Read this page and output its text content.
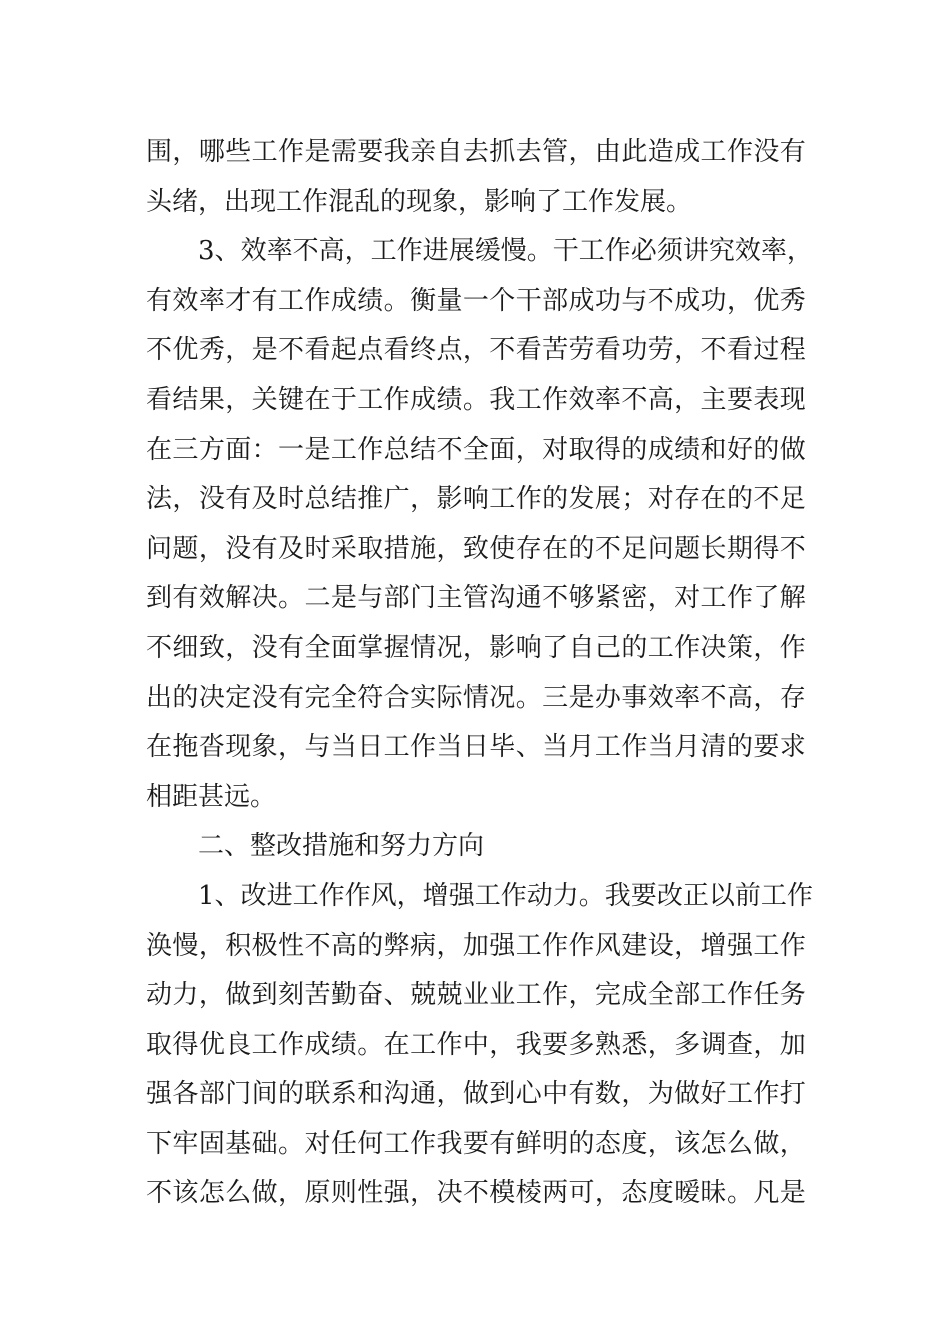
围 ， 哪 些 工 作 是 需 要 我 亲 自 去 抓 去 管 ， 由 此 造 成 工 作 没 有
头绪，出现工作混乱的现象，影响了工作发展。
3 、 效 率 不 高 ， 工 作 进 展 缓 慢 。 干 工 作 必 须 讲 究 效 率 ，
有 效 率 才 有 工 作 成 绩 。 衡 量 一 个 干 部 成 功 与 不 成 功 ， 优 秀
不 优 秀 ， 是 不 看 起 点 看 终 点 ， 不 看 苦 劳 看 功 劳 ， 不 看 过 程
看 结 果 ， 关 键 在 于 工 作 成 绩 。 我 工 作 效 率 不 高 ， 主 要 表 现
在 三 方 面 ： 一 是 工 作 总 结 不 全 面 ， 对 取 得 的 成 绩 和 好 的 做
法 ， 没 有 及 时 总 结 推 广 ， 影 响 工 作 的 发 展 ； 对 存 在 的 不 足
问 题 ， 没 有 及 时 采 取 措 施 ， 致 使 存 在 的 不 足 问 题 长 期 得 不
到 有 效 解 决 。 二 是 与 部 门 主 管 沟 通 不 够 紧 密 ， 对 工 作 了 解
不 细 致 ， 没 有 全 面 掌 握 情 况 ， 影 响 了 自 己 的 工 作 决 策 ， 作
出 的 决 定 没 有 完 全 符 合 实 际 情 况 。 三 是 办 事 效 率 不 高 ， 存
在 拖 沓 现 象 ， 与 当 日 工 作 当 日 毕 、 当 月 工 作 当 月 清 的 要 求
相距甚远。
二、整改措施和努力方向
1 、 改 进 工 作 作 风 ， 增 强 工 作 动 力 。 我 要 改 正 以 前 工 作
涣 慢 ， 积 极 性 不 高 的 弊 病 ， 加 强 工 作 作 风 建 设 ， 增 强 工 作
动 力 ， 做 到 刻 苦 勤 奋 、 兢 兢 业 业 工 作 ， 完 成 全 部 工 作 任 务
取 得 优 良 工 作 成 绩 。 在 工 作 中 ， 我 要 多 熟 悉 ， 多 调 查 ， 加
强 各 部 门 间 的 联 系 和 沟 通 ， 做 到 心 中 有 数 ， 为 做 好 工 作 打
下 牢 固 基 础 。 对 任 何 工 作 我 要 有 鲜 明 的 态 度 ， 该 怎 么 做 ，
不 该 怎 么 做 ， 原 则 性 强 ， 决 不 模 棱 两 可 ， 态 度 暧 昧 。 凡 是
